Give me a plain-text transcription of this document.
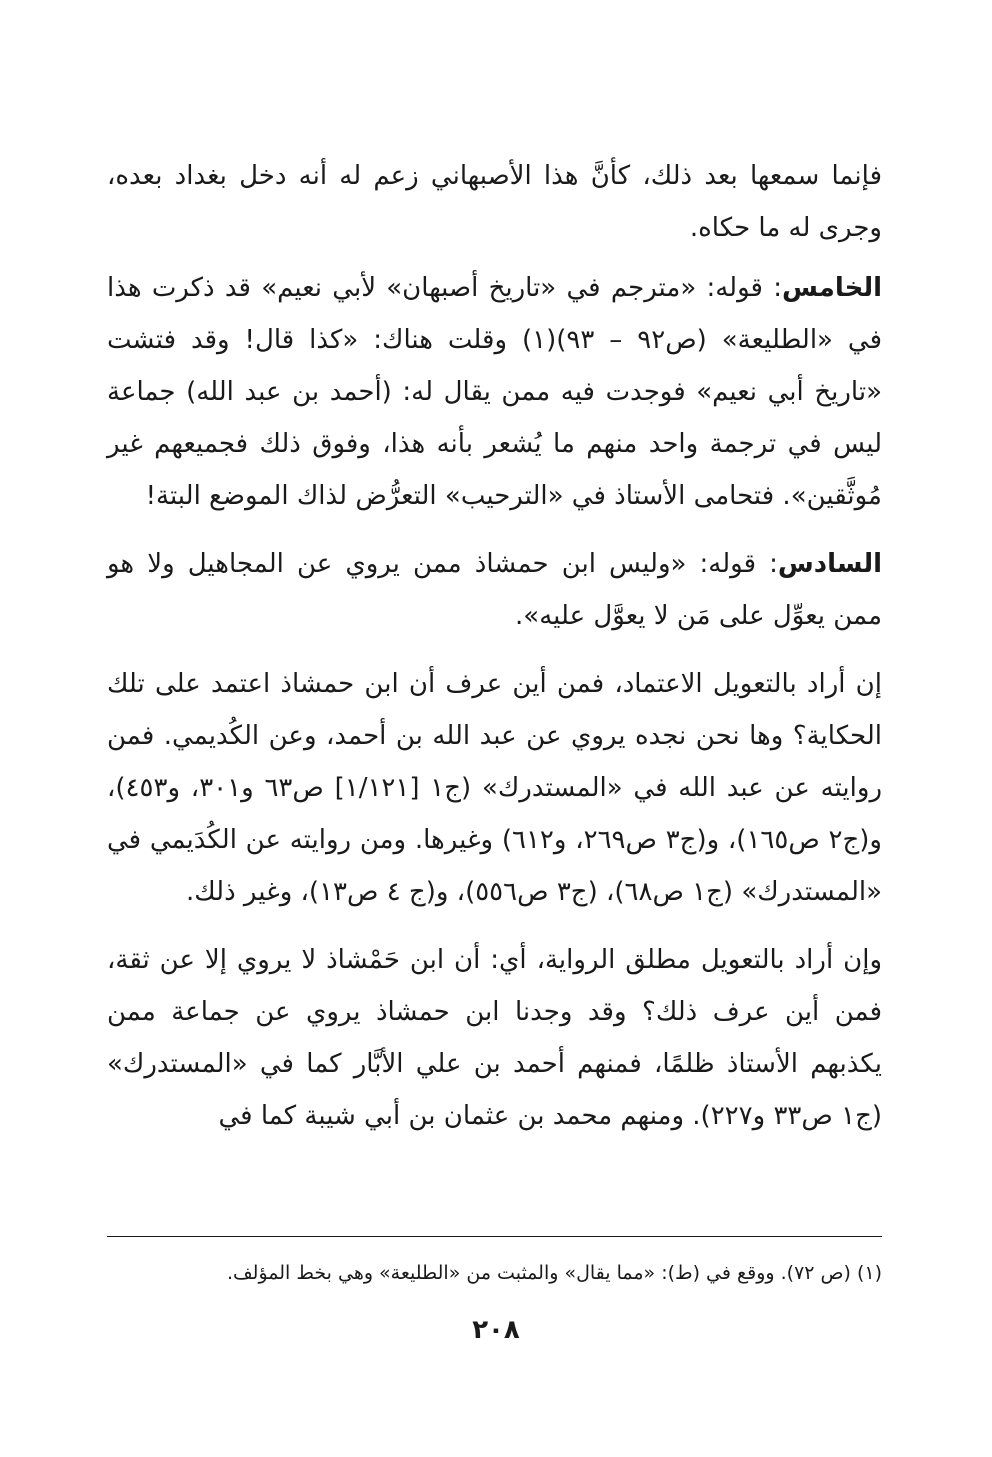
فإنما سمعها بعد ذلك، كأنَّ هذا الأصبهاني زعم له أنه دخل بغداد بعده، وجرى له ما حكاه.

الخامس: قوله: «مترجم في «تاريخ أصبهان» لأبي نعيم» قد ذكرت هذا في «الطليعة» (ص٩٢ – ٩٣)(١) وقلت هناك: «كذا قال! وقد فتشت «تاريخ أبي نعيم» فوجدت فيه ممن يقال له: (أحمد بن عبد الله) جماعة ليس في ترجمة واحد منهم ما يُشعر بأنه هذا، وفوق ذلك فجميعهم غير مُوثَّقين». فتحامى الأستاذ في «الترحيب» التعرُّض لذاك الموضع البتة!

السادس: قوله: «وليس ابن حمشاذ ممن يروي عن المجاهيل ولا هو ممن يعوِّل على مَن لا يعوَّل عليه».

إن أراد بالتعويل الاعتماد، فمن أين عرف أن ابن حمشاذ اعتمد على تلك الحكاية؟ وها نحن نجده يروي عن عبد الله بن أحمد، وعن الكُديمي. فمن روايته عن عبد الله في «المستدرك» (ج١ [١/١٢١] ص٦٣ و٣٠١، و٤٥٣)، و(ج٢ ص١٦٥)، و(ج٣ ص٢٦٩، و٦١٢) وغيرها. ومن روايته عن الكُدَيمي في «المستدرك» (ج١ ص٦٨)، (ج٣ ص٥٥٦)، و(ج ٤ ص١٣)، وغير ذلك.

وإن أراد بالتعويل مطلق الرواية، أي: أن ابن حَمْشاذ لا يروي إلا عن ثقة، فمن أين عرف ذلك؟ وقد وجدنا ابن حمشاذ يروي عن جماعة ممن يكذبهم الأستاذ ظلمًا، فمنهم أحمد بن علي الأبَّار كما في «المستدرك» (ج١ ص٣٣ و٢٢٧). ومنهم محمد بن عثمان بن أبي شيبة كما في

(١) (ص ٧٢). ووقع في (ط): «مما يقال» والمثبت من «الطليعة» وهي بخط المؤلف.
٢٠٨
